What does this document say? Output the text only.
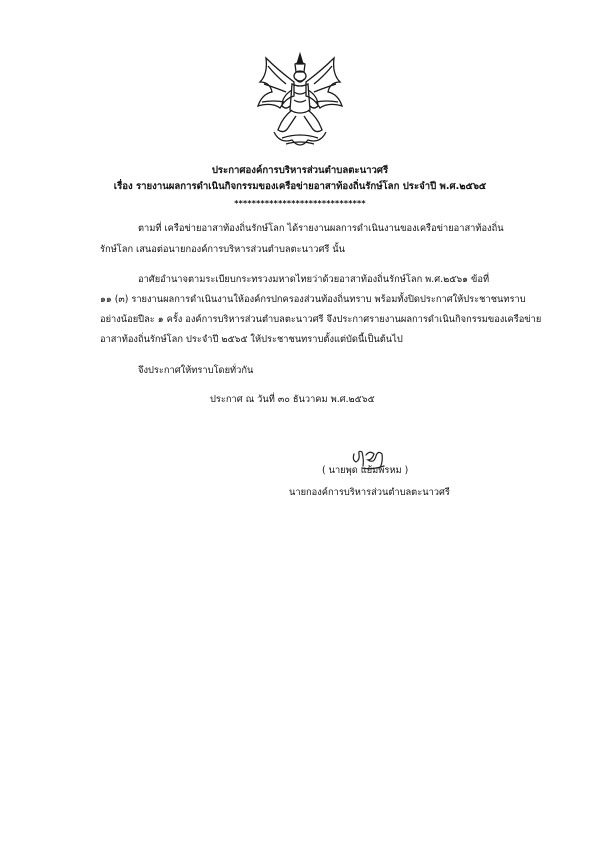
ประกาศองค์การบริหารส่วนตำบลตะนาวศรี
เรื่อง รายงานผลการดำเนินกิจกรรมของเครือข่ายอาสาท้องถิ่นรักษ์โลก ประจำปี พ.ศ.๒๕๖๕
******************************
ตามที่ เครือข่ายอาสาท้องถิ่นรักษ์โลก ได้รายงานผลการดำเนินงานของเครือข่ายอาสาท้องถิ่น
รักษ์โลก เสนอต่อนายกองค์การบริหารส่วนตำบลตะนาวศรี นั้น
อาศัยอำนาจตามระเบียบกระทรวงมหาดไทยว่าด้วยอาสาท้องถิ่นรักษ์โลก พ.ศ.๒๕๖๑ ข้อที่
๑๑ (๓) รายงานผลการดำเนินงานให้องค์กรปกครองส่วนท้องถิ่นทราบ พร้อมทั้งปิดประกาศให้ประชาชนทราบ
อย่างน้อยปีละ ๑ ครั้ง องค์การบริหารส่วนตำบลตะนาวศรี จึงประกาศรายงานผลการดำเนินกิจกรรมของเครือข่าย
อาสาท้องถิ่นรักษ์โลก ประจำปี ๒๕๖๕ ให้ประชาชนทราบตั้งแต่บัดนี้เป็นต้นไป
จึงประกาศให้ทราบโดยทั่วกัน
ประกาศ ณ วันที่ ๓๐ ธันวาคม พ.ศ.๒๕๖๕
( นายพุด แย้มพรหม )
นายกองค์การบริหารส่วนตำบลตะนาวศรี
